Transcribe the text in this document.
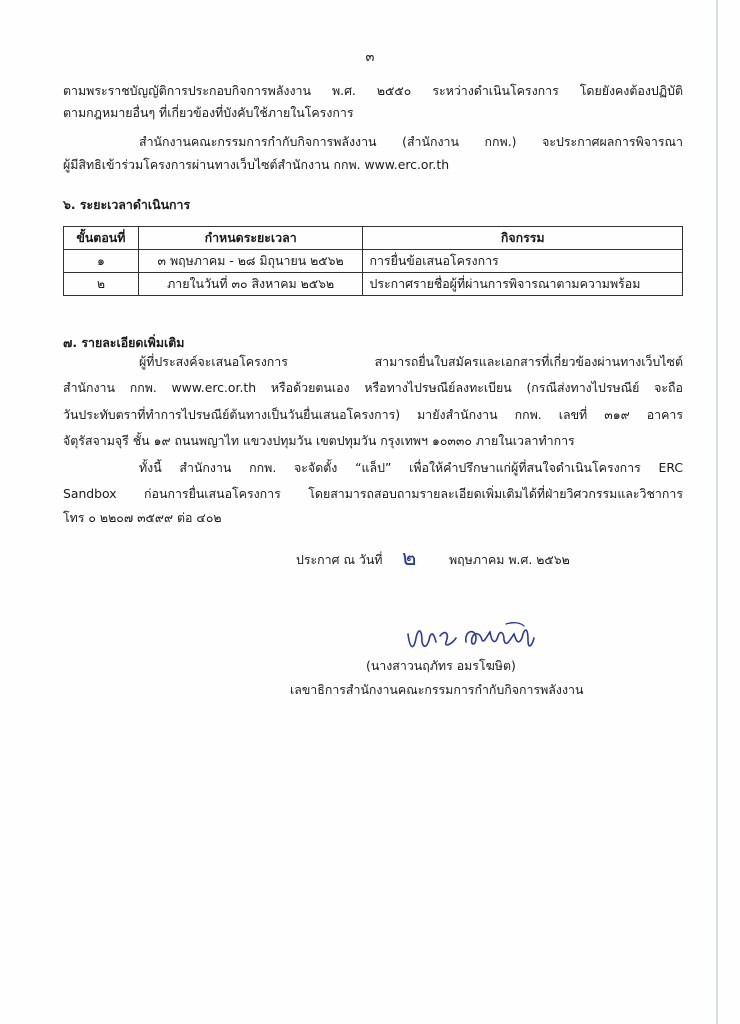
๓
ตามพระราชบัญญัติการประกอบกิจการพลังงาน พ.ศ. ๒๕๕๐ ระหว่างดำเนินโครงการ โดยยังคงต้องปฏิบัติ
ตามกฎหมายอื่นๆ ที่เกี่ยวข้องที่บังคับใช้ภายในโครงการ
สำนักงานคณะกรรมการกำกับกิจการพลังงาน (สำนักงาน กกพ.) จะประกาศผลการพิจารณา
ผู้มีสิทธิเข้าร่วมโครงการผ่านทางเว็บไซต์สำนักงาน กกพ. www.erc.or.th
๖. ระยะเวลาดำเนินการ
ขั้นตอนที่	กำหนดระยะเวลา	กิจกรรม
๑	๓ พฤษภาคม - ๒๘ มิถุนายน ๒๕๖๒	การยื่นข้อเสนอโครงการ
๒	ภายในวันที่ ๓๐ สิงหาคม ๒๕๖๒	ประกาศรายชื่อผู้ที่ผ่านการพิจารณาตามความพร้อม
๗. รายละเอียดเพิ่มเติม
ผู้ที่ประสงค์จะเสนอโครงการ สามารถยื่นใบสมัครและเอกสารที่เกี่ยวข้องผ่านทางเว็บไซต์
สำนักงาน กกพ. www.erc.or.th หรือด้วยตนเอง หรือทางไปรษณีย์ลงทะเบียน (กรณีส่งทางไปรษณีย์ จะถือ
วันประทับตราที่ทำการไปรษณีย์ต้นทางเป็นวันยื่นเสนอโครงการ) มายังสำนักงาน กกพ. เลขที่ ๓๑๙ อาคาร
จัตุรัสจามจุรี ชั้น ๑๙ ถนนพญาไท แขวงปทุมวัน เขตปทุมวัน กรุงเทพฯ ๑๐๓๓๐ ภายในเวลาทำการ
ทั้งนี้ สำนักงาน กกพ. จะจัดตั้ง “แล็ป” เพื่อให้คำปรึกษาแก่ผู้ที่สนใจดำเนินโครงการ ERC
Sandbox ก่อนการยื่นเสนอโครงการ โดยสามารถสอบถามรายละเอียดเพิ่มเติมได้ที่ฝ่ายวิศวกรรมและวิชาการ
โทร ๐ ๒๒๐๗ ๓๕๙๙ ต่อ ๔๐๒
ประกาศ ณ วันที่ ๒	พฤษภาคม พ.ศ. ๒๕๖๒
(นางสาวนฤภัทร อมรโฆษิต)
เลขาธิการสำนักงานคณะกรรมการกำกับกิจการพลังงาน
